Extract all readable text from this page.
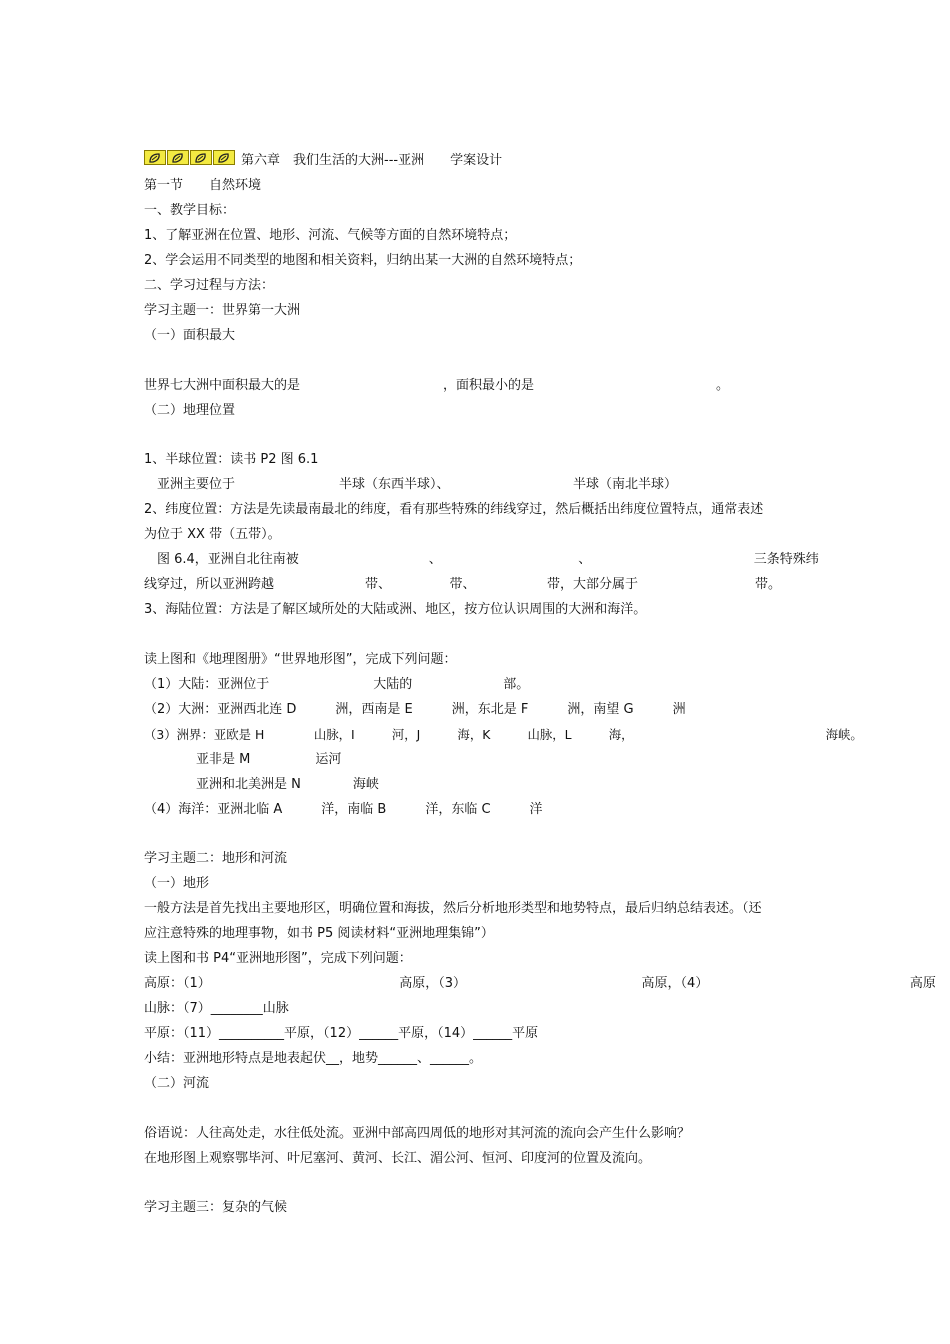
第六章　我们生活的大洲---亚洲　　学案设计

第一节　　自然环境

一、教学目标：

1、了解亚洲在位置、地形、河流、气候等方面的自然环境特点；

2、学会运用不同类型的地图和相关资料，归纳出某一大洲的自然环境特点；

二、学习过程与方法：

学习主题一：世界第一大洲

（一）面积最大

世界七大洲中面积最大的是　　　　　　　　　　　，面积最小的是　　　　　　　　　　　　　　。

（二）地理位置

1、半球位置：读书 P2 图 6.1

　亚洲主要位于　　　　　　　　半球（东西半球）、　　　　　　　　　　半球（南北半球）

2、纬度位置：方法是先读最南最北的纬度，看有那些特殊的纬线穿过，然后概括出纬度位置特点，通常表述

为位于 XX 带（五带）。

　图 6.4，亚洲自北往南被　　　　　　　　　　、　　　　　　　　　　　、　　　　　　　　　　　　　三条特殊纬

线穿过，所以亚洲跨越　　　　　　　带、　　　　　带、　　　　　　带，大部分属于　　　　　　　　　带。

3、海陆位置：方法是了解区域所处的大陆或洲、地区，按方位认识周围的大洲和海洋。

读上图和《地理图册》“世界地形图”，完成下列问题：

（1）大陆：亚洲位于　　　　　　　　大陆的　　　　　　　部。

（2）大洲：亚洲西北连 D　　　洲，西南是 E　　　洲，东北是 F　　　洲，南望 G　　　洲

（3）洲界：亚欧是 H　　　　山脉，I　　　河，J　　　海，K　　　山脉，L　　　海，　　　　　　　　　　　　　　　　海峡。

　　　　亚非是 M　　　　　运河

　　　　亚洲和北美洲是 N　　　　海峡

（4）海洋：亚洲北临 A　　　洋，南临 B　　　洋，东临 C　　　洋

学习主题二：地形和河流

（一）地形

一般方法是首先找出主要地形区，明确位置和海拔，然后分析地形类型和地势特点，最后归纳总结表述。（还

应注意特殊的地理事物，如书 P5 阅读材料“亚洲地理集锦”）

读上图和书 P4“亚洲地形图”，完成下列问题：

高原：（1）　　　　　　　　　　　　　　　高原，（3）　　　　　　　　　　　　　　高原，（4）　　　　　　　　　　　　　　　　高原

山脉：（7）________山脉

平原：（11）__________平原，（12）______平原，（14）______平原

小结：亚洲地形特点是地表起伏__，地势______、______。

（二）河流

俗语说：人往高处走，水往低处流。亚洲中部高四周低的地形对其河流的流向会产生什么影响？

在地形图上观察鄂毕河、叶尼塞河、黄河、长江、湄公河、恒河、印度河的位置及流向。

学习主题三：复杂的气候
